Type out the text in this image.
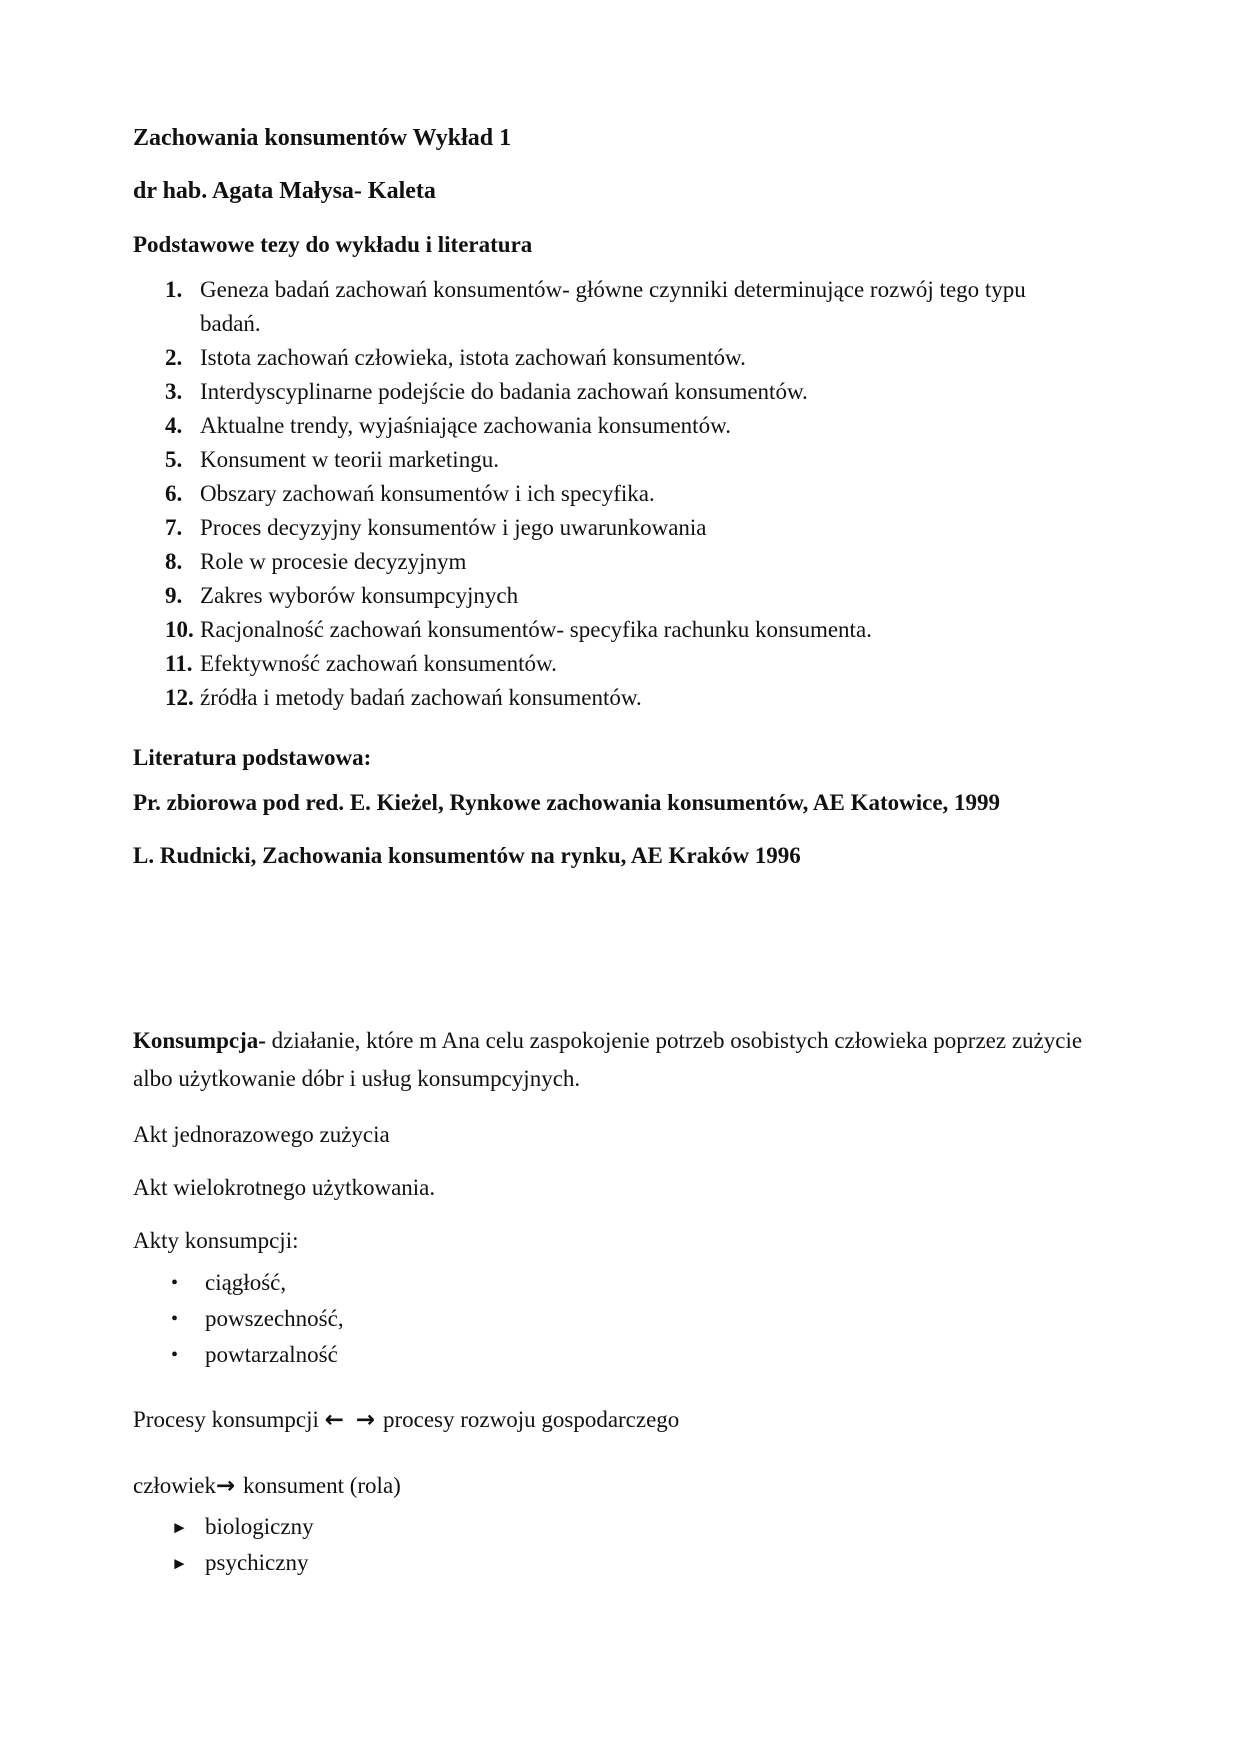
Zachowania konsumentów Wykład 1

dr hab. Agata Małysa- Kaleta

Podstawowe tezy do wykładu i literatura

1. Geneza badań zachowań konsumentów- główne czynniki determinujące rozwój tego typu badań.
2. Istota zachowań człowieka, istota zachowań konsumentów.
3. Interdyscyplinarne podejście do badania zachowań konsumentów.
4. Aktualne trendy, wyjaśniające zachowania konsumentów.
5. Konsument w teorii marketingu.
6. Obszary zachowań konsumentów i ich specyfika.
7. Proces decyzyjny konsumentów i jego uwarunkowania
8. Role w procesie decyzyjnym
9. Zakres wyborów konsumpcyjnych
10. Racjonalność zachowań konsumentów- specyfika rachunku konsumenta.
11. Efektywność zachowań konsumentów.
12. źródła i metody badań zachowań konsumentów.

Literatura podstawowa:

Pr. zbiorowa pod red. E. Kieżel, Rynkowe zachowania konsumentów, AE Katowice, 1999

L. Rudnicki, Zachowania konsumentów na rynku, AE Kraków 1996

Konsumpcja- działanie, które m Ana celu zaspokojenie potrzeb osobistych człowieka poprzez zużycie albo użytkowanie dóbr i usług konsumpcyjnych.

Akt jednorazowego zużycia

Akt wielokrotnego użytkowania.

Akty konsumpcji:

• ciągłość,
• powszechność,
• powtarzalność

Procesy konsumpcji ← → procesy rozwoju gospodarczego

człowiek→ konsument (rola)

► biologiczny
► psychiczny
